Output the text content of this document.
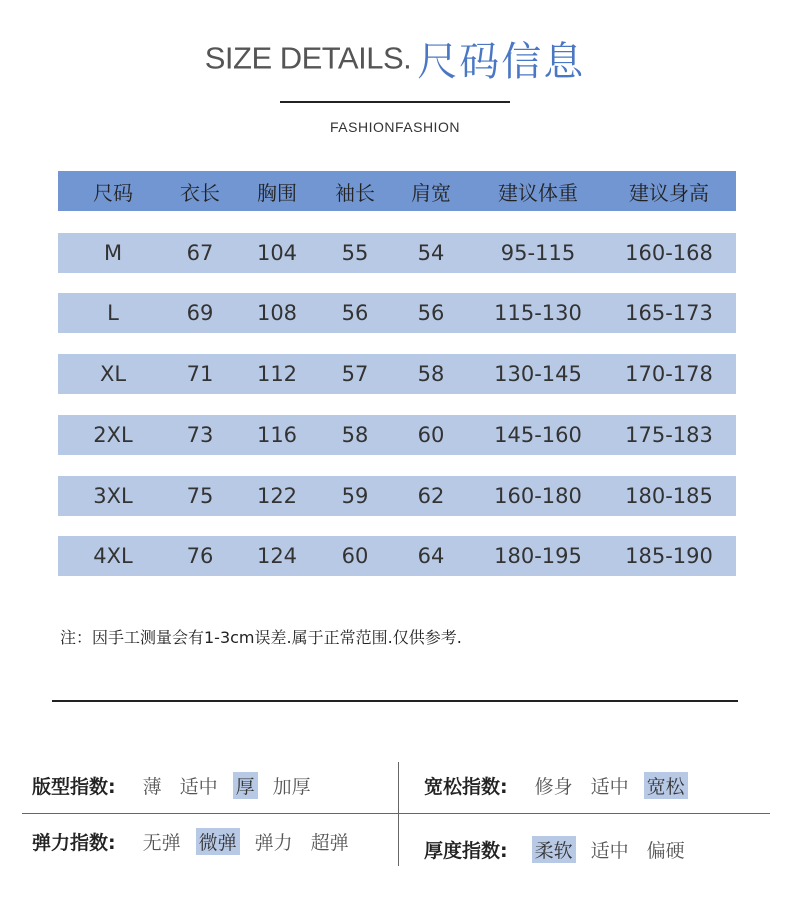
SIZE DETAILS. 尺码信息
FASHIONFASHION
尺码	衣长	胸围	袖长	肩宽	建议体重	建议身高
M	67	104	55	54	95-115	160-168
L	69	108	56	56	115-130	165-173
XL	71	112	57	58	130-145	170-178
2XL	73	116	58	60	145-160	175-183
3XL	75	122	59	62	160-180	180-185
4XL	76	124	60	64	180-195	185-190
注：因手工测量会有1-3cm误差.属于正常范围.仅供参考.
版型指数: 薄 适中 厚 加厚	宽松指数: 修身 适中 宽松
弹力指数: 无弹 微弹 弹力 超弹	厚度指数: 柔软 适中 偏硬
